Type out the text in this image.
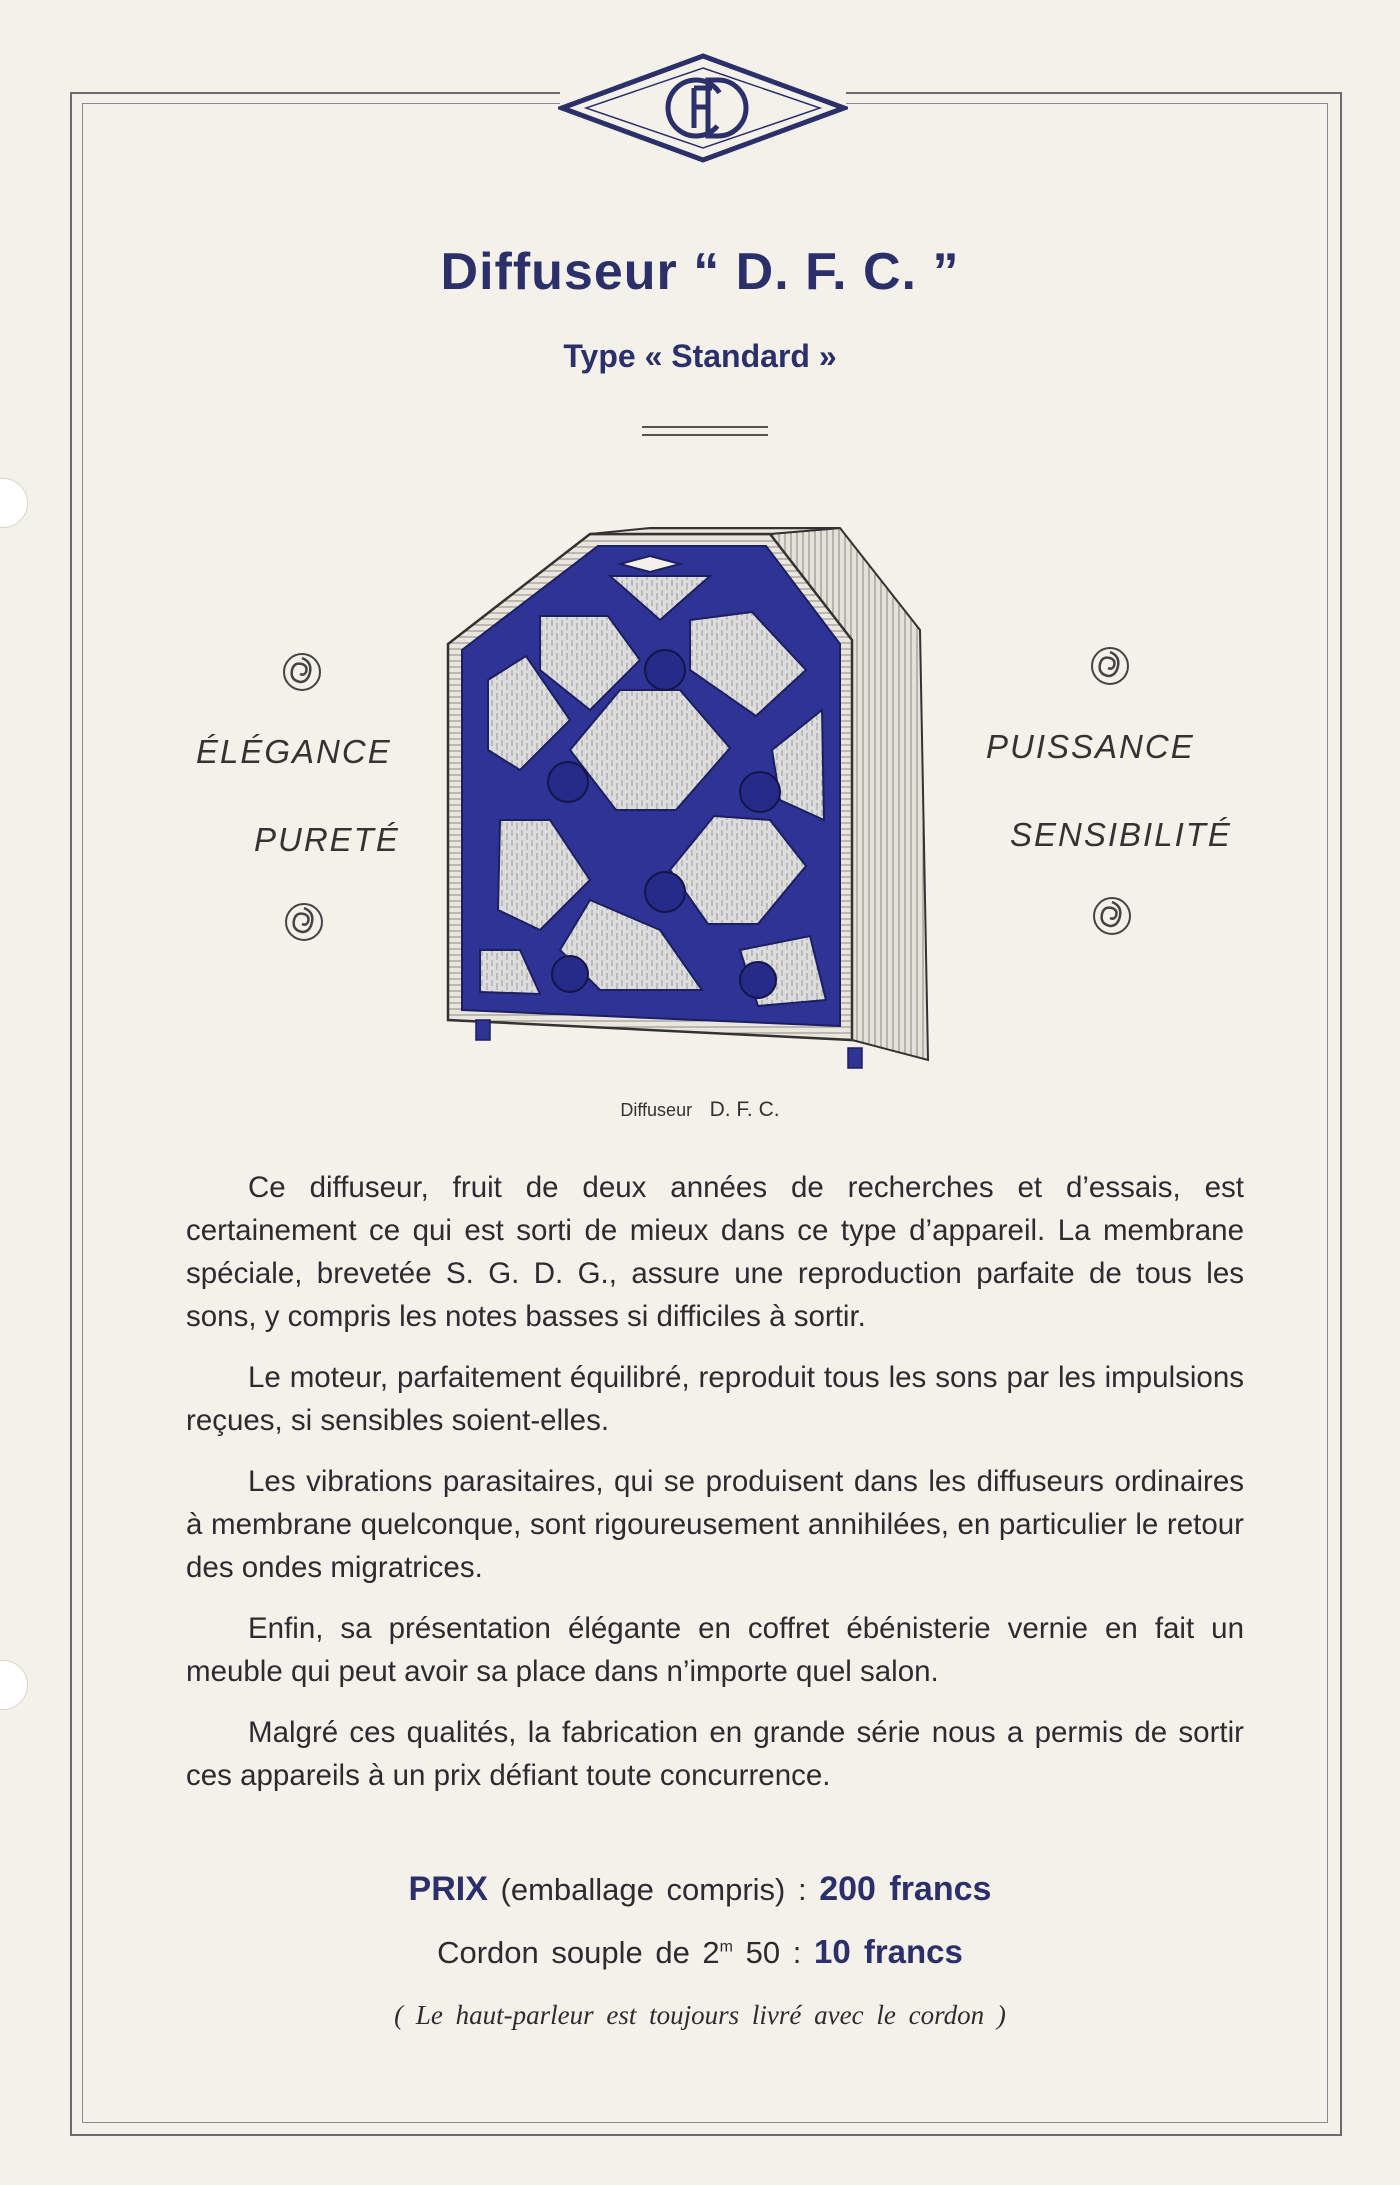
Diffuseur “ D. F. C. ”
Type « Standard »
ÉLÉGANCE
PURETÉ
PUISSANCE
SENSIBILITÉ
Diffuseur D. F. C.

Ce diffuseur, fruit de deux années de recherches et d’essais, est certainement ce qui est sorti de mieux dans ce type d’appareil. La membrane spéciale, brevetée S. G. D. G., assure une reproduction parfaite de tous les sons, y compris les notes basses si difficiles à sortir.

Le moteur, parfaitement équilibré, reproduit tous les sons par les impulsions reçues, si sensibles soient-elles.

Les vibrations parasitaires, qui se produisent dans les diffuseurs ordinaires à membrane quelconque, sont rigoureusement annihilées, en particulier le retour des ondes migratrices.

Enfin, sa présentation élégante en coffret ébénisterie vernie en fait un meuble qui peut avoir sa place dans n’importe quel salon.

Malgré ces qualités, la fabrication en grande série nous a permis de sortir ces appareils à un prix défiant toute concurrence.

PRIX (emballage compris) : 200 francs
Cordon souple de 2$^m$ 50 : 10 francs
( Le haut-parleur est toujours livré avec le cordon )
